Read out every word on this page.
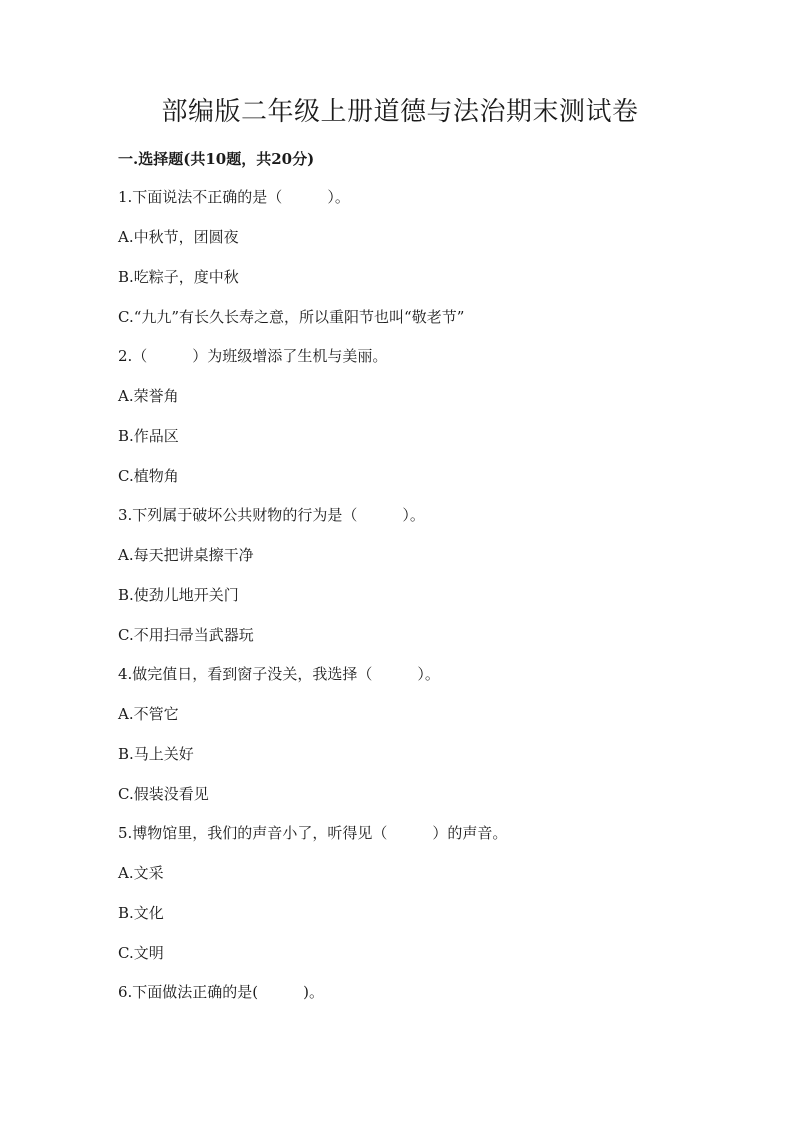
部编版二年级上册道德与法治期末测试卷
一.选择题(共10题，共20分)
1.下面说法不正确的是（　　　）。
A.中秋节，团圆夜
B.吃粽子，度中秋
C.“九九”有长久长寿之意，所以重阳节也叫“敬老节”
2.（　　　）为班级增添了生机与美丽。
A.荣誉角
B.作品区
C.植物角
3.下列属于破坏公共财物的行为是（　　　）。
A.每天把讲桌擦干净
B.使劲儿地开关门
C.不用扫帚当武器玩
4.做完值日，看到窗子没关，我选择（　　　）。
A.不管它
B.马上关好
C.假装没看见
5.博物馆里，我们的声音小了，听得见（　　　）的声音。
A.文采
B.文化
C.文明
6.下面做法正确的是(　　　)。
